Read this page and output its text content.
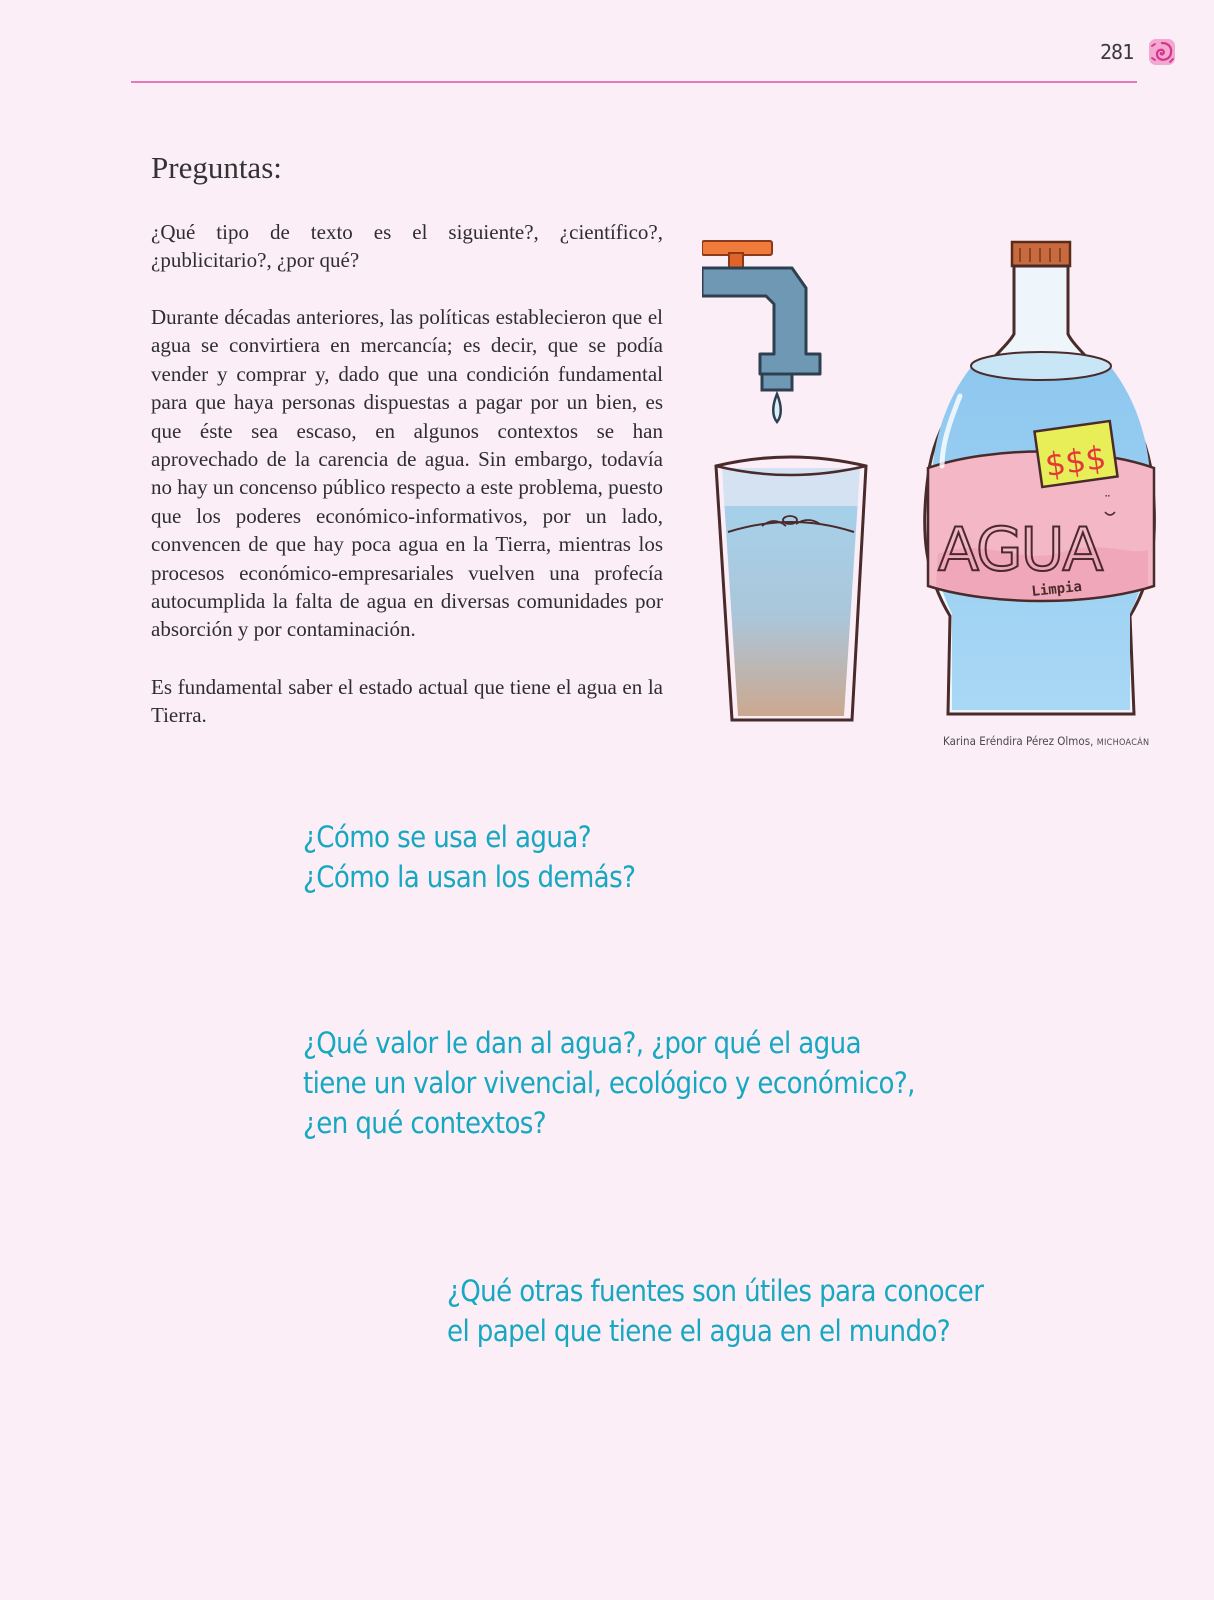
281
Preguntas:

¿Qué tipo de texto es el siguiente?, ¿científico?, ¿publicitario?, ¿por qué?

Durante décadas anteriores, las políticas establecieron que el agua se convirtiera en mercancía; es decir, que se podía vender y comprar y, dado que una condición fundamental para que haya personas dispuestas a pagar por un bien, es que éste sea escaso, en algunos contextos se han aprovechado de la carencia de agua. Sin embargo, todavía no hay un concenso público respecto a este problema, puesto que los poderes económico-informativos, por un lado, convencen de que hay poca agua en la Tierra, mientras los procesos económico-empresariales vuelven una profecía autocumplida la falta de agua en diversas comunidades por absorción y por contaminación.

Es fundamental saber el estado actual que tiene el agua en la Tierra.

AGUA
Limpia
¨
$$$
Karina Eréndira Pérez Olmos, MICHOACÁN

¿Cómo se usa el agua?
¿Cómo la usan los demás?

¿Qué valor le dan al agua?, ¿por qué el agua
tiene un valor vivencial, ecológico y económico?,
¿en qué contextos?

¿Qué otras fuentes son útiles para conocer
el papel que tiene el agua en el mundo?
